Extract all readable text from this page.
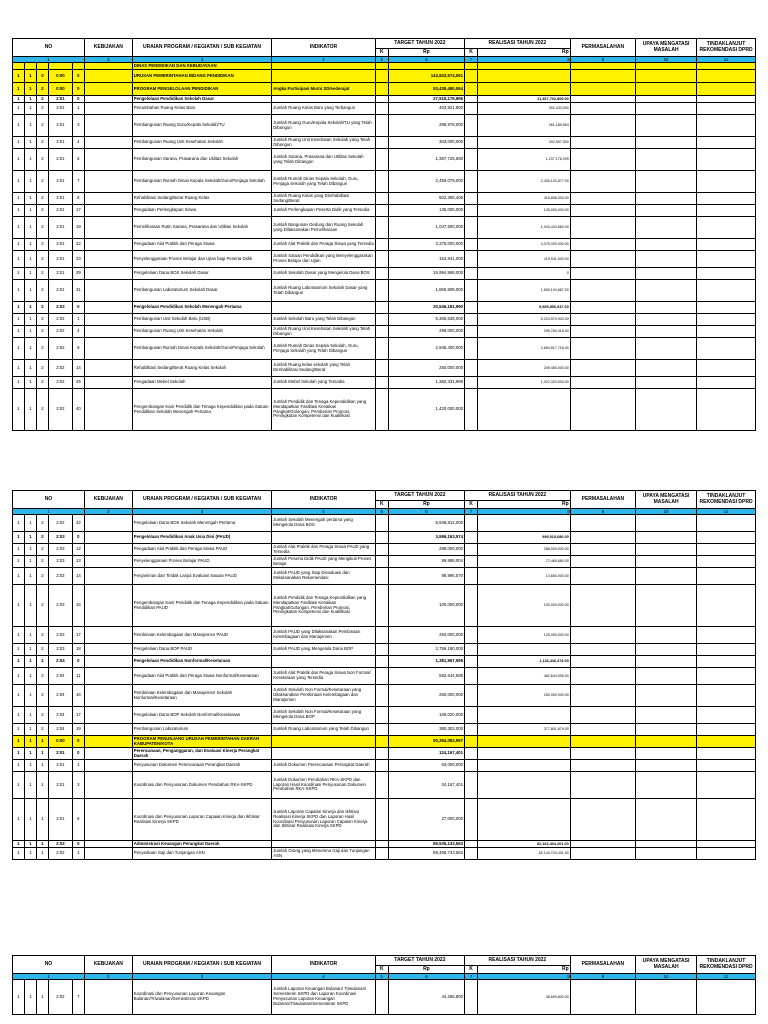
NO					KEBIJAKAN	URAIAN PROGRAM / KEGIATAN / SUB KEGIATAN	INDIKATOR	TARGET TAHUN 2022		REALISASI TAHUN 2022		PERMASALAHAN	UPAYA MENGATASI MASALAH	TINDAKLANJUT REKOMENDASI DPRD
								K	Rp	K	Rp			
1					2	3	4	5	6	7	8	9	10	11
						DINAS PENDIDIKAN DAN KEBUDAYAAN								
1	1	0	0:00	0		URUSAN PEMERINTAHAN BIDANG PENDIDIKAN			143,833,574,061					
1	1	2	0:00	0		PROGRAM PENGELOLAAN PENDIDIKAN	Angka Partisipasi Murni SD/sederajat		53,439,490,064					
1	1	2	2:01	0		Pengelolaan Pendidikan Sekolah Dasar			27,915,176,896		11,367,702,809.00			
1	1	2	2:01	1		Penambahan Ruang Kelas Baru	Jumlah Ruang Kelas Baru yang Terbangun		403,921,800		392,433,000			
1	1	2	2:01	3		Pembangunan Ruang Guru/Kepala Sekolah/TU	Jumlah Ruang Guru/Kepala Sekolah/TU yang Telah Dibangun		288,978,000		261,189,554			
1	1	2	2:01	4		Pembangunan Ruang Unit Kesehatan Sekolah	Jumlah Ruang Unit Kesehatan Sekolah yang Telah Dibangun		303,000,000		302,997,000			
1	1	2	2:01	6		Pembangunan Sarana, Prasarana dan Utilitas Sekolah	Jumlah Sarana, Prasarana dan Utilitas Sekolah yang Telah Dibangun		1,387,725,690		1,237,176,299			
1	1	2	2:01	7		Pembangunan Rumah Dinas Kepala Sekolah/Guru/Penjaga Sekolah	Jumlah Rumah Dinas Kepala Sekolah, Guru, Penjaga Sekolah yang Telah Dibangun		2,459,079,000		2,430,120,877.00			
1	1	2	2:01	8		Rehabilitasi Sedang/Berat Ruang Kelas	Jumlah Ruang Kelas yang Direhabilitasi Sedang/Berat		502,355,406		415,806,000.00			
1	1	2	2:01	17		Pengadaan Perlengkapan Siswa	Jumlah Perlengkapan Peserta Didik yang Tersedia		135,000,000		135,000,000.00			
1	1	2	2:01	19		Pemeliharaan Rutin Sarana, Prasarana dan Utilitas Sekolah	Jumlah Bangunan Gedung dan Ruang Sekolah yang Dilaksanakan Pemeliharaan		1,047,500,000		1,043,434,560.00			
1	1	2	2:01	22		Pengadaan Alat Praktik dan Peraga Siswa	Jumlah Alat Praktik dan Peraga Siswa yang Tersedia		3,375,000,000		3,375,000,000.00			
1	1	2	2:01	23		Penyelenggaraan Proses Belajar dan Ujian bagi Peserta Didik	Jumlah Satuan Pendidikan yang Menyelenggarakan Proses Belajar dan Ujian		154,941,000		119,941,000.00			
1	1	2	2:01	29		Pengelolaan Dana BOS Sekolah Dasar	Jumlah Sekolah Dasar yang Mengelola Dana BOS		15,994,968,000		0			
1	1	2	2:01	31		Pembangunan Laboratorium Sekolah Dasar	Jumlah Ruang Laboratorium Sekolah Dasar yang Telah Dibangun		1,865,808,000		1,830,194,667.00			
1	1	2	2:02	0		Pengelolaan Pendidikan Sekolah Menengah Pertama			20,546,181,990		9,905,896,037.00			
1	1	2	2:02	1		Pembangunan Unit Sekolah Baru (USB)	Jumlah Sekolah Baru yang Telah Dibangun		5,305,638,000		5,224,570,903.00			
1	1	2	2:02	4		Pembangunan Ruang Unit Kesehatan Sekolah	Jumlah Ruang Unit Kesehatan Sekolah yang Telah Dibangun		299,000,000		295,784,418.00			
1	1	2	2:02	9		Pembangunan Rumah Dinas Kepala Sekolah/Guru/Penjaga Sekolah	Jumlah Rumah Dinas Kepala Sekolah, Guru, Penjaga Sekolah yang Telah Dibangun		2,948,400,000		2,894,817,716.00			
1	1	2	2:02	14		Rehabilitasi Sedang/Berat Ruang Kelas Sekolah	Jumlah Ruang kelas sekolah yang Telah Direhabilitasi Sedang/Berat		250,000,000		249,450,000.00			
1	1	2	2:02	25		Pengadaan Mebel Sekolah	Jumlah Mebel Sekolah yang Tersedia		1,382,331,999		1,322,320,000.00			
1	1	2	2:02	40		Pengembangan Karir Pendidik dan Tenaga Kependidikan pada Satuan Pendidikan Sekolah Menengah Pertama	Jumlah Pendidik dan Tenaga Kependidikan yang Mendapatkan Fasilitasi Kenaikan Pangkat/Golongan, Pemberian Promosi, Peningkatan Kompetensi dan Kualifikasi		1,420,000,000					
NO					KEBIJAKAN	URAIAN PROGRAM / KEGIATAN / SUB KEGIATAN	INDIKATOR	TARGET TAHUN 2022		REALISASI TAHUN 2022		PERMASALAHAN	UPAYA MENGATASI MASALAH	TINDAKLANJUT REKOMENDASI DPRD
								K	Rp	K	Rp			
1					2	3	4	5	6	7	8	9	10	11
1	1	2	2:02	42		Pengelolaan Dana BOS Sekolah Menengah Pertama	Jumlah Sekolah Menengah pertama yang Mengelola Dana BOS		8,948,812,000					
1	1	2	2:03	0		Pengelolaan Pendidikan Anak Usia Dini (PAUD)			3,596,163,574		999,515,680.00			
1	1	2	2:03	12		Pengadaan Alat Praktik dan Peraga Siswa PAUD	Jumlah Alat Praktik dan Peraga Siswa PAUD yang Tersedia		288,000,000		288,000,000.00			
1	1	2	2:03	13		Penyelenggaraan Proses Belajar PAUD	Jumlah Peserta Didik PAUD yang Mengikuti Proses Belajar		99,988,004		72,465,680.00			
1	1	2	2:03	14		Penjaminan dan Tindak Lanjut Evaluasi Satuan PAUD	Jumlah PAUD yang Siap Dievaluasi dan Melaksanakan Rekomendasi		98,995,570		13,650,000.00			
1	1	2	2:03	16		Pengembangan Karir Pendidik dan Tenaga Kependidikan pada Satuan Pendidikan PAUD	Jumlah Pendidik dan Tenaga Kependidikan yang Mendapatkan Fasilitasi Kenaikan Pangkat/Golongan, Pemberian Promosi, Peningkatan Kompetensi dan Kualifikasi		100,000,000		100,000,000.00			
1	1	2	2:03	17		Pembinaan Kelembagaan dan Manajemen PAUD	Jumlah PAUD yang Dilaksanakan Pembinaan Kelembagaan dan Manajemen		250,000,000		125,000,000.00			
1	1	2	2:03	18		Pengelolaan Dana BOP PAUD	Jumlah PAUD yang Mengelola Dana BOP		2,756,180,000					
1	1	2	2:04	0		Pengelolaan Pendidikan Nonformal/Kesetaraan			1,381,967,595		1,118,446,374.00			
1	1	2	2:04	11		Pengadaan Alat Praktik dan Peraga Siswa Nonformal/Kesetaraan	Jumlah Alat Praktik dan Peraga Siswa Non Formal/ Kesetaraan yang Tersedia		582,644,595		482,644,595.00			
1	1	2	2:04	16		Pembinaan Kelembagaan dan Manajemen Sekolah Nonformal/Kesetaraan	Jumlah Sekolah Non Formal/Kesetaraan yang Dilaksanakan Pembinaan Kelembagaan dan Manajemen		250,000,000		250,000,000.00			
1	1	2	2:04	17		Pengelolaan Dana BOP Sekolah Nonformal/Kesetaraan	Jumlah Sekolah Non Formal/Kesetaraan yang Mengelola Dana BOP		169,020,000					
1	1	2	2:04	19		Pembangunan Laboratorium	Jumlah Ruang Laboratorium yang Telah Dibangun		380,303,000		377,801,679.00			
1	1	1	0:00	0		PROGRAM PENUNJANG URUSAN PEMERINTAHAN DAERAH KABUPATEN/KOTA			90,394,083,997					
1	1	1	2:01	0		Perencanaan, Penganggaran, dan Evaluasi Kinerja Perangkat Daerah			124,167,401					
1	1	1	2:01	1		Penyusunan Dokumen Perencanaan Perangkat Daerah	Jumlah Dokumen Perencanaan Perangkat Daerah		63,000,000					
1	1	1	2:01	3		Koordinasi dan Penyusunan Dokumen Perubahan RKA-SKPD	Jumlah Dokumen Perubahan RKA-SKPD dan Laporan Hasil Koordinasi Penyusunan Dokumen Perubahan RKA-SKPD		34,167,401					
1	1	1	2:01	6		Koordinasi dan Penyusunan Laporan Capaian Kinerja dan Ikhtisar Realisasi Kinerja SKPD	Jumlah Laporan Capaian Kinerja dan Ikhtisar Realisasi Kinerja SKPD dan Laporan Hasil Koordinasi Penyusunan Laporan Capaian Kinerja dan Ikhtisar Realisasi Kinerja SKPD		27,000,000					
1	1	1	2:02	0		Administrasi Keuangan Perangkat Daerah			89,535,133,563		82,163,404,201.00			
1	1	1	2:02	1		Penyediaan Gaji dan Tunjangan ASN	Jumlah Orang yang Menerima Gaji dan Tunjangan ASN		89,468,733,563		82,144,704,431.00			
NO					KEBIJAKAN	URAIAN PROGRAM / KEGIATAN / SUB KEGIATAN	INDIKATOR	TARGET TAHUN 2022		REALISASI TAHUN 2022		PERMASALAHAN	UPAYA MENGATASI MASALAH	TINDAKLANJUT REKOMENDASI DPRD
								K	Rp	K	Rp			
1					2	3	4	5	6	7	8	9	10	11
1	1	1	2:02	7		Koordinasi dan Penyusunan Laporan Keuangan Bulanan/Triwulanan/Semesteran SKPD	Jumlah Laporan Keuangan Bulanan/ Triwulanan/ Semesteran SKPD dan Laporan Koordinasi Penyusunan Laporan Keuangan Bulanan/Triwulanan/Semesteran SKPD		44,266,800		38,699,800.00			
